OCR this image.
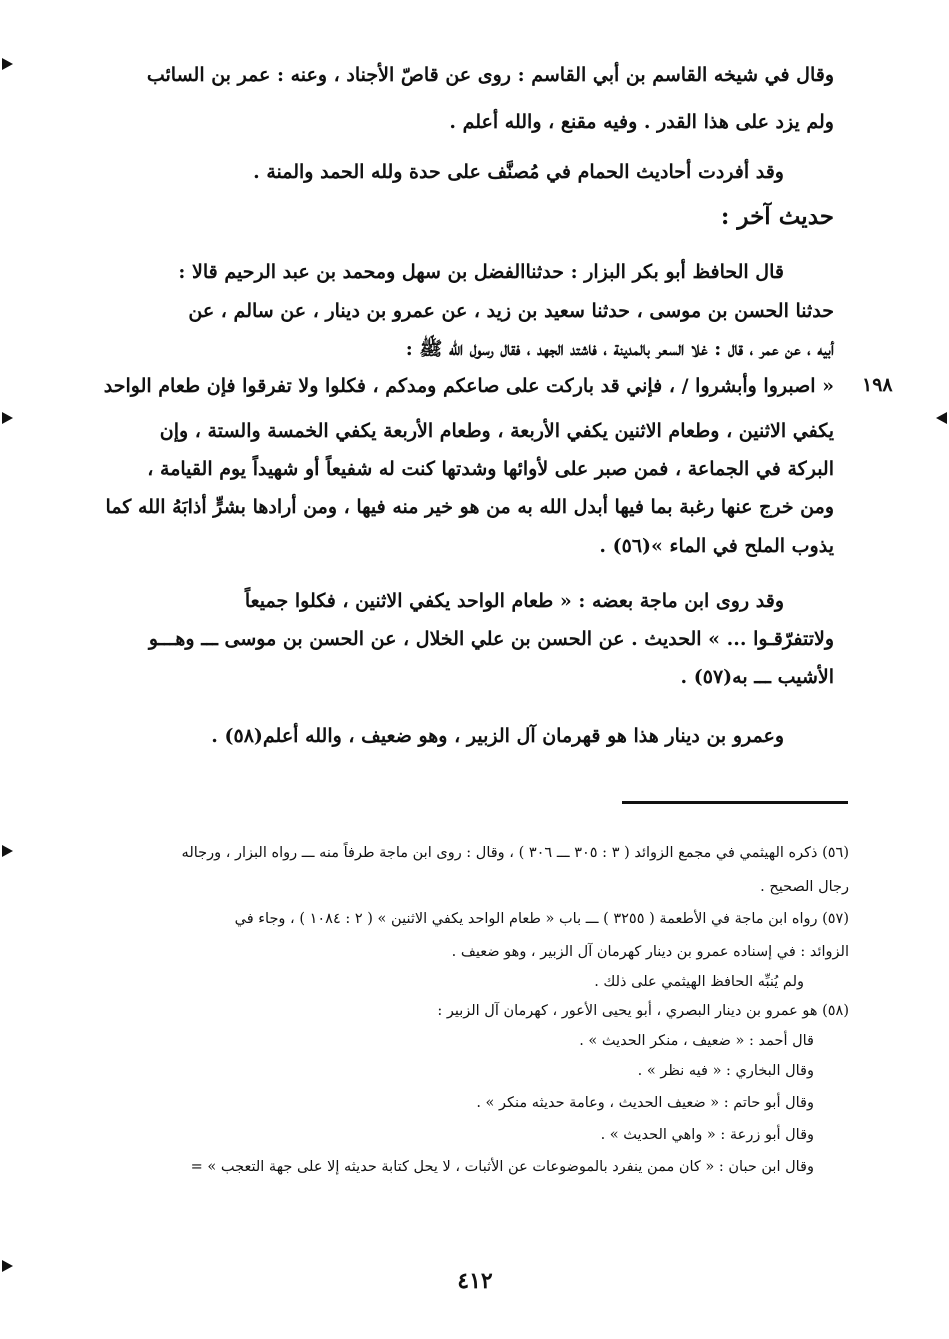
وقال في شيخه القاسم بن أبي القاسم : روى عن قاصّ الأجناد ، وعنه : عمر بن السائب
ولم يزد على هذا القدر . وفيه مقنع ، والله أعلم .
وقد أفردت أحاديث الحمام في مُصنَّف على حدة ولله الحمد والمنة .
حديث آخر :
قال الحافظ أبو بكر البزار : حدثناالفضل بن سهل ومحمد بن عبد الرحيم قالا :
حدثنا الحسن بن موسى ، حدثنا سعيد بن زيد ، عن عمرو بن دينار ، عن سالم ، عن
أبيه ، عن عمر ، قال : غلا السعر بالمدينة ، فاشتد الجهد ، فقال رسول الله ﷺ :
١٩٨
« اصبروا وأبشروا / ، فإني قد باركت على صاعكم ومدكم ، فكلوا ولا تفرقوا فإن طعام الواحد
يكفي الاثنين ، وطعام الاثنين يكفي الأربعة ، وطعام الأربعة يكفي الخمسة والستة ، وإن
البركة في الجماعة ، فمن صبر على لأوائها وشدتها كنت له شفيعاً أو شهيداً يوم القيامة ،
ومن خرج عنها رغبة بما فيها أبدل الله به من هو خير منه فيها ، ومن أرادها بشرٍّ أذابَهُ الله كما
يذوب الملح في الماء »(٥٦) .
وقد روى ابن ماجة بعضه : « طعام الواحد يكفي الاثنين ، فكلوا جميعاً
ولاتتفرّقـوا ... » الحديث . عن الحسن بن علي الخلال ، عن الحسن بن موسى ـــ وهـــو
الأشيب ـــ به(٥٧) .
وعمرو بن دينار هذا هو قهرمان آل الزبير ، وهو ضعيف ، والله أعلم(٥٨) .
(٥٦) ذكره الهيثمي في مجمع الزوائد ( ٣ : ٣٠٥ ـــ ٣٠٦ ) ، وقال : روى ابن ماجة طرفاً منه ـــ رواه البزار ، ورجاله
رجال الصحيح .
(٥٧) رواه ابن ماجة في الأطعمة ( ٣٢٥٥ ) ـــ باب « طعام الواحد يكفي الاثنين » ( ٢ : ١٠٨٤ ) ، وجاء في
الزوائد : في إسناده عمرو بن دينار كهرمان آل الزبير ، وهو ضعيف .
ولم يُنبِّه الحافظ الهيثمي على ذلك .
(٥٨) هو عمرو بن دينار البصري ، أبو يحيى الأعور ، كهرمان آل الزبير :
قال أحمد : « ضعيف ، منكر الحديث » .
وقال البخاري : « فيه نظر » .
وقال أبو حاتم : « ضعيف الحديث ، وعامة حديثه منكر » .
وقال أبو زرعة : « واهي الحديث » .
وقال ابن حبان : « كان ممن ينفرد بالموضوعات عن الأثبات ، لا يحل كتابة حديثه إلا على جهة التعجب » =
٤١٢
